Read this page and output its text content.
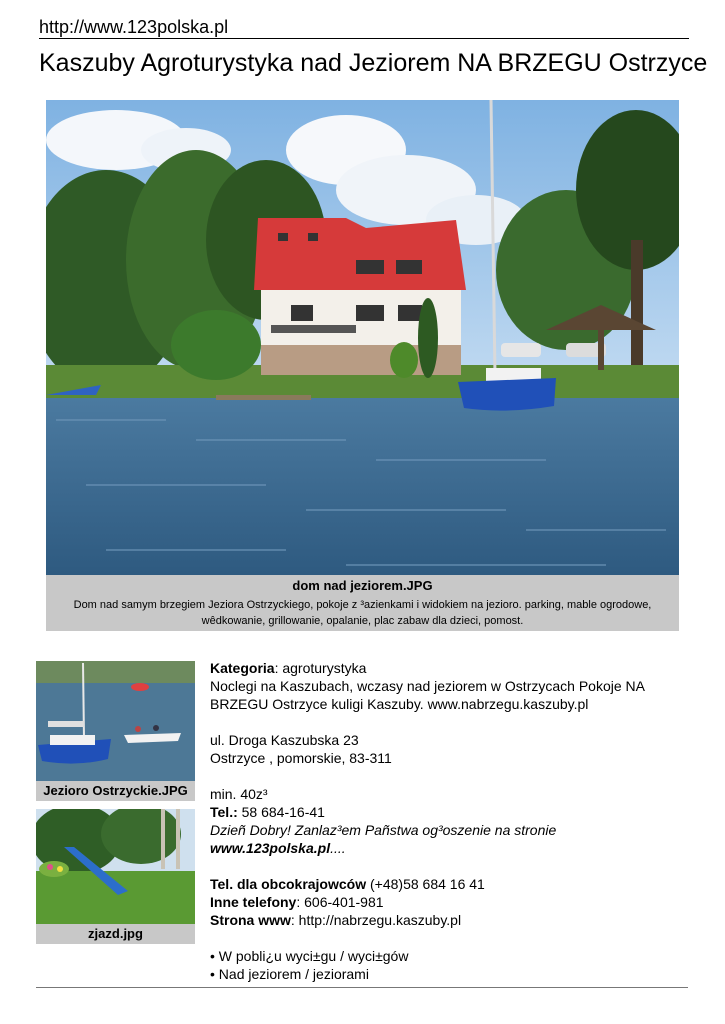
http://www.123polska.pl
Kaszuby Agroturystyka nad Jeziorem NA BRZEGU Ostrzyce
dom nad jeziorem.JPG
Dom nad samym brzegiem Jeziora Ostrzyckiego, pokoje z ³azienkami i widokiem na jezioro. parking, mable ogrodowe, wêdkowanie, grillowanie, opalanie, plac zabaw dla dzieci, pomost.
Jezioro Ostrzyckie.JPG
zjazd.jpg

Kategoria: agroturystyka

Noclegi na Kaszubach, wczasy nad jeziorem w Ostrzycach Pokoje NA BRZEGU Ostrzyce kuligi Kaszuby. www.nabrzegu.kaszuby.pl

ul. Droga Kaszubska 23

Ostrzyce , pomorskie, 83-311

min. 40z³

Tel.: 58 684-16-41

Dzieñ Dobry! Zanlaz³em Pañstwa og³oszenie na stronie

www.123polska.pl....

Tel. dla obcokrajowców (+48)58 684 16 41

Inne telefony: 606-401-981

Strona www: http://nabrzegu.kaszuby.pl

• W pobli¿u wyci±gu / wyci±gów

• Nad jeziorem / jeziorami
